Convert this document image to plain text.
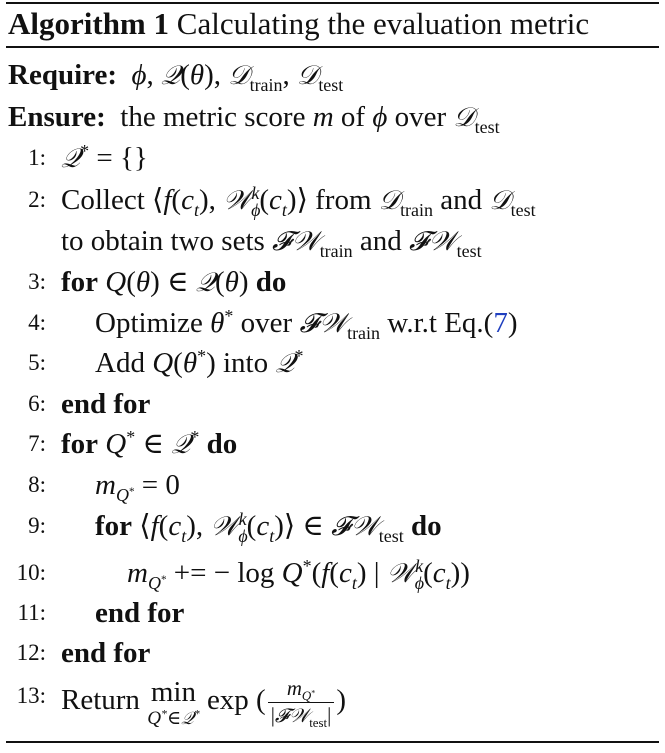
Algorithm 1 Calculating the evaluation metric
Require: ϕ, 𝒬(θ), 𝒟$_{train}$, 𝒟$_{test}$
Ensure: the metric score m of ϕ over 𝒟$_{test}$
1: 𝒬* = {}
2: Collect $⟨f(c_t)$, $𝒲_\phi^k(c_t)⟩$ from 𝒟$_{train}$ and 𝒟$_{test}$
to obtain two sets 𝓕𝒲$_{train}$ and 𝓕𝒲$_{test}$
3: for Q(θ) ∈ 𝒬(θ) do
4: Optimize θ* over 𝓕𝒲$_{train}$ w.r.t Eq.(7)
5: Add Q(θ*) into 𝒬*
6: end for
7: for Q* ∈ 𝒬* do
8: $m_{Q^*} = 0$
9: for $⟨f(c_t)$, $𝒲_\phi^k(c_t)⟩$ ∈ 𝓕𝒲$_{test}$ do
10:	$m_{Q^*}$ += − $\log Q^*(f(c_t)$ | $𝒲_\phi^k(c_t)$)
11: end for
12: end for
13: Return min
Q*∈𝒬* exp ( $\frac{m_{Q^*}}{|𝓕𝒲_{test}|}$ )
